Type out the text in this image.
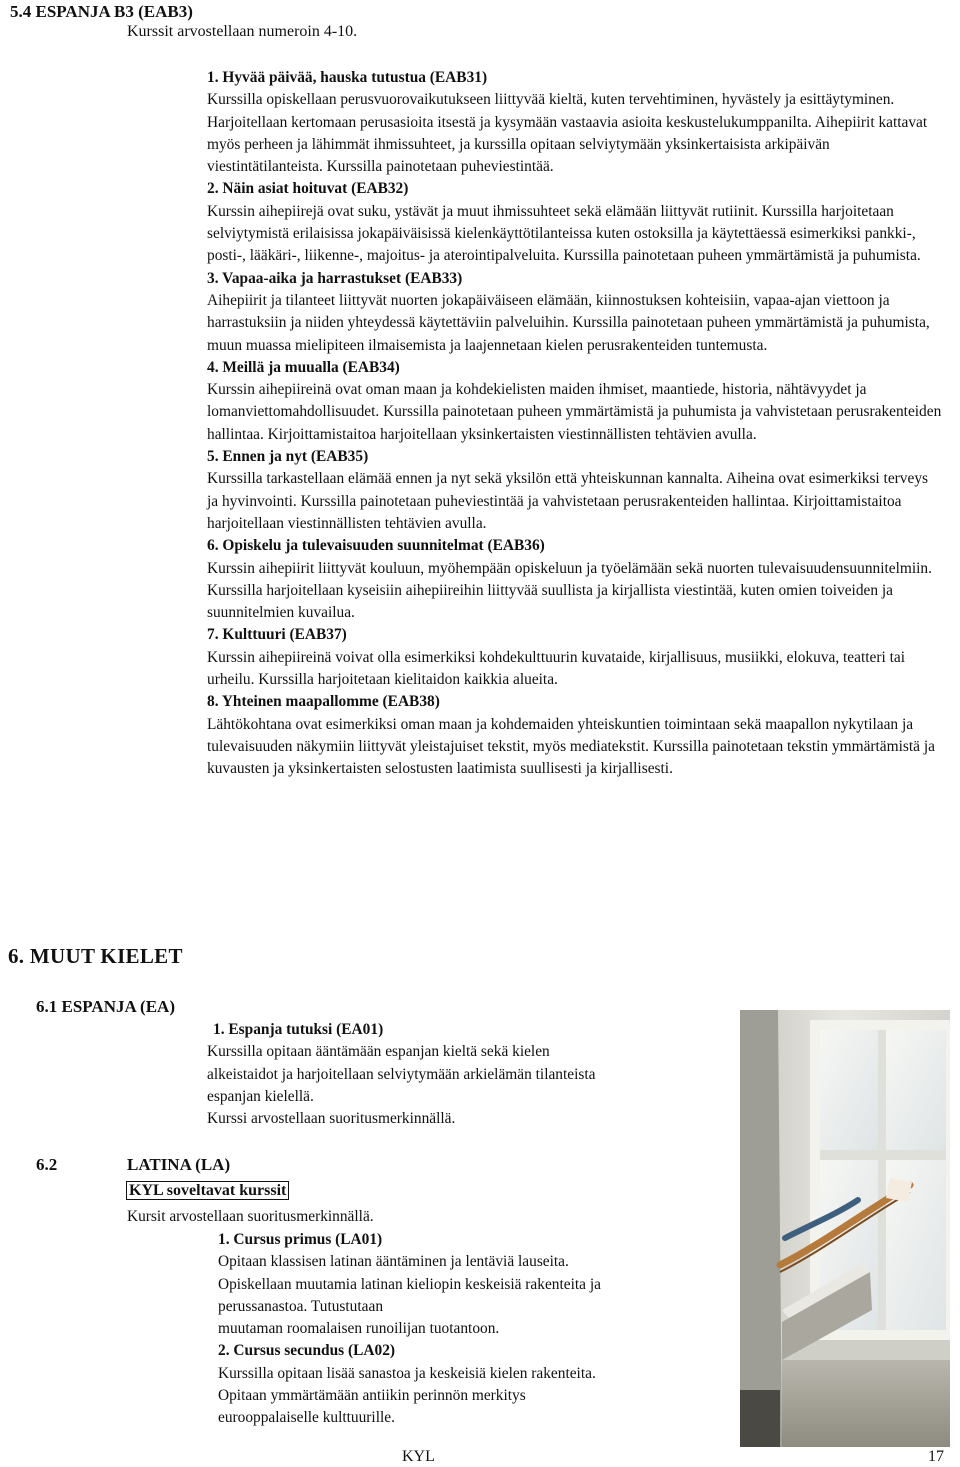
5.4 ESPANJA B3 (EAB3)
Kurssit arvostellaan numeroin 4-10.

1. Hyvää päivää, hauska tutustua (EAB31)

Kurssilla opiskellaan perusvuorovaikutukseen liittyvää kieltä, kuten tervehtiminen, hyvästely ja esittäytyminen. Harjoitellaan kertomaan perusasioita itsestä ja kysymään vastaavia asioita keskustelukumppanilta. Aihepiirit kattavat myös perheen ja lähimmät ihmissuhteet, ja kurssilla opitaan selviytymään yksinkertaisista arkipäivän viestintätilanteista. Kurssilla painotetaan puheviestintää.

2. Näin asiat hoituvat (EAB32)

Kurssin aihepiirejä ovat suku, ystävät ja muut ihmissuhteet sekä elämään liittyvät rutiinit. Kurssilla harjoitetaan selviytymistä erilaisissa jokapäiväisissä kielenkäyttötilanteissa kuten ostoksilla ja käytettäessä esimerkiksi pankki-, posti-, lääkäri-, liikenne-, majoitus- ja aterointipalveluita. Kurssilla painotetaan puheen ymmärtämistä ja puhumista.

3. Vapaa-aika ja harrastukset (EAB33)

Aihepiirit ja tilanteet liittyvät nuorten jokapäiväiseen elämään, kiinnostuksen kohteisiin, vapaa-ajan viettoon ja harrastuksiin ja niiden yhteydessä käytettäviin palveluihin. Kurssilla painotetaan puheen ymmärtämistä ja puhumista, muun muassa mielipiteen ilmaisemista ja laajennetaan kielen perusrakenteiden tuntemusta.

4. Meillä ja muualla (EAB34)

Kurssin aihepiireinä ovat oman maan ja kohdekielisten maiden ihmiset, maantiede, historia, nähtävyydet ja lomanviettomahdollisuudet. Kurssilla painotetaan puheen ymmärtämistä ja puhumista ja vahvistetaan perusrakenteiden hallintaa. Kirjoittamistaitoa harjoitellaan yksinkertaisten viestinnällisten tehtävien avulla.

5. Ennen ja nyt (EAB35)

Kurssilla tarkastellaan elämää ennen ja nyt sekä yksilön että yhteiskunnan kannalta. Aiheina ovat esimerkiksi terveys ja hyvinvointi. Kurssilla painotetaan puheviestintää ja vahvistetaan perusrakenteiden hallintaa. Kirjoittamistaitoa harjoitellaan viestinnällisten tehtävien avulla.

6. Opiskelu ja tulevaisuuden suunnitelmat (EAB36)

Kurssin aihepiirit liittyvät kouluun, myöhempään opiskeluun ja työelämään sekä nuorten tulevaisuudensuunnitelmiin. Kurssilla harjoitellaan kyseisiin aihepiireihin liittyvää suullista ja kirjallista viestintää, kuten omien toiveiden ja suunnitelmien kuvailua.

7. Kulttuuri (EAB37)

Kurssin aihepiireinä voivat olla esimerkiksi kohdekulttuurin kuvataide, kirjallisuus, musiikki, elokuva, teatteri tai urheilu. Kurssilla harjoitetaan kielitaidon kaikkia alueita.

8. Yhteinen maapallomme (EAB38)

Lähtökohtana ovat esimerkiksi oman maan ja kohdemaiden yhteiskuntien toimintaan sekä maapallon nykytilaan ja tulevaisuuden näkymiin liittyvät yleistajuiset tekstit, myös mediatekstit. Kurssilla painotetaan tekstin ymmärtämistä ja kuvausten ja yksinkertaisten selostusten laatimista suullisesti ja kirjallisesti.

6. MUUT KIELET
6.1 ESPANJA (EA)

1. Espanja tutuksi (EA01)

Kurssilla opitaan ääntämään espanjan kieltä sekä kielen

alkeistaidot ja harjoitellaan selviytymään arkielämän tilanteista

espanjan kielellä.

Kurssi arvostellaan suoritusmerkinnällä.

6.2	LATINA (LA)
KYL soveltavat kurssit
Kursit arvostellaan suoritusmerkinnällä.

1. Cursus primus (LA01)

Opitaan klassisen latinan ääntäminen ja lentäviä lauseita.

Opiskellaan muutamia latinan kieliopin keskeisiä rakenteita ja

perussanastoa. Tutustutaan

muutaman roomalaisen runoilijan tuotantoon.

2. Cursus secundus (LA02)

Kurssilla opitaan lisää sanastoa ja keskeisiä kielen rakenteita.

Opitaan ymmärtämään antiikin perinnön merkitys

eurooppalaiselle kulttuurille.

KYL	17
